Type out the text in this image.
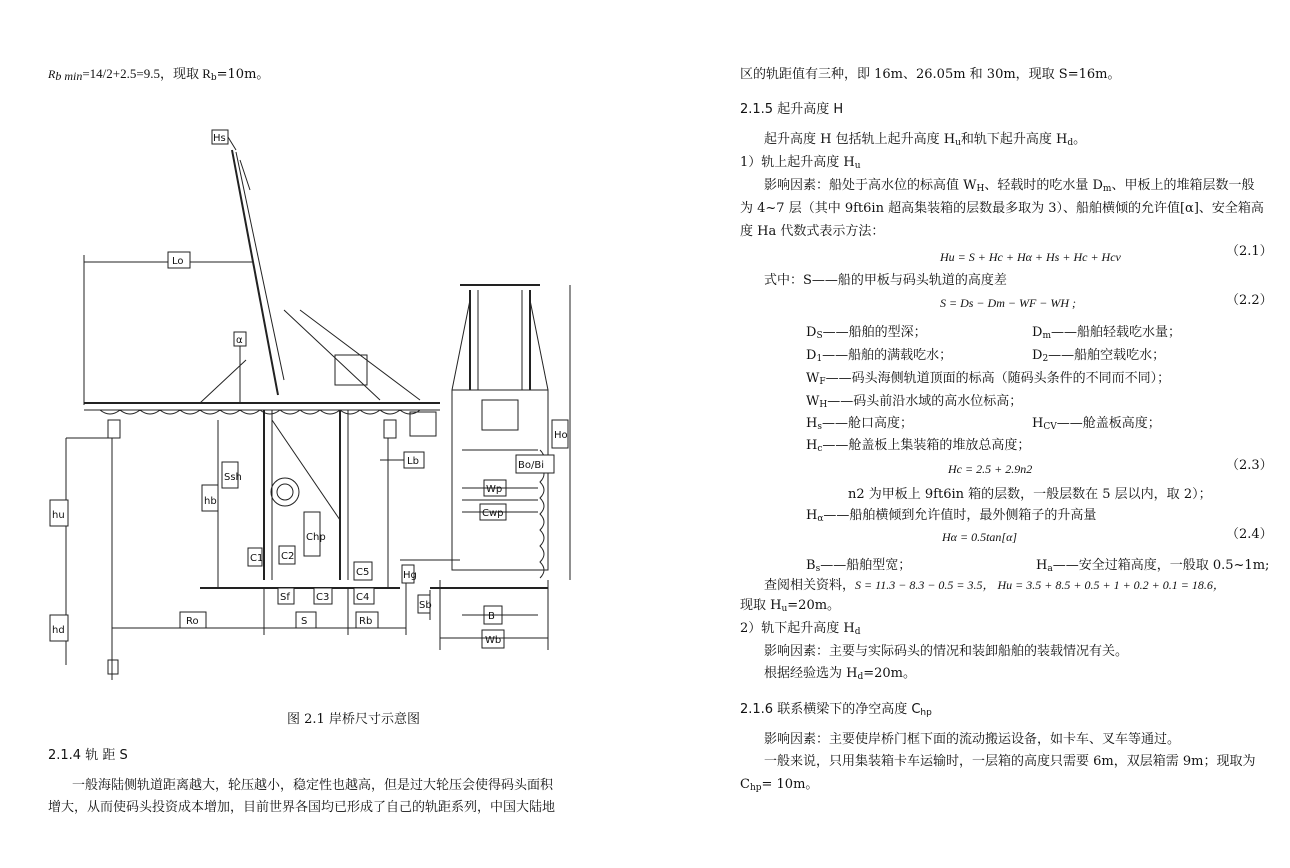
$R_{b min}=14/2+2.5=9.5$，现取 $R_b=10m$。
Hs
Lo
α
Ssh
Lb
hb
hu
hd
Chp
C1 C2
Sf	C3	C4
C5
Ro	S	Rb
Ho
Bo/Bi
Wp
Cwp
Hg
Sb
B
Wb
图 2.1 岸桥尺寸示意图
2.1.4 轨 距 S
一般海陆侧轨道距离越大，轮压越小，稳定性也越高，但是过大轮压会使得码头面积
增大，从而使码头投资成本增加，目前世界各国均已形成了自己的轨距系列，中国大陆地
区的轨距值有三种，即 16m、26.05m 和 30m，现取 S=16m。
2.1.5 起升高度 H
起升高度 H 包括轨上起升高度 $H_u$和轨下起升高度 $H_d$。
1）轨上起升高度 $H_u$
影响因素：船处于高水位的标高值 $W_H$、轻载时的吃水量 $D_m$、甲板上的堆箱层数一般
为 4~7 层（其中 9ft6in 超高集装箱的层数最多取为 3）、船舶横倾的允许值[α]、安全箱高
度 Ha 代数式表示方法：
Hu = S + Hc + Hα + Hs + Hc + Hcv	（2.1）
式中：S——船的甲板与码头轨道的高度差
S = Ds − Dm − WF − WH ;	（2.2）
$D_S——$船舶的型深；	$D_m——$船舶轻载吃水量；
$D_1——$船舶的满载吃水；	$D_2——$船舶空载吃水；
$W_F——$码头海侧轨道顶面的标高（随码头条件的不同而不同）；
$W_H——$码头前沿水域的高水位标高；
$H_s——$舱口高度；	$H_{CV}——$舱盖板高度；
$H_c——$舱盖板上集装箱的堆放总高度；
Hc = 2.5 + 2.9n2	（2.3）
n2 为甲板上 9ft6in 箱的层数，一般层数在 5 层以内，取 2）；
$H_\alpha——$船舶横倾到允许值时，最外侧箱子的升高量
Hα = 0.5tan[α]	（2.4）
$B_s——$船舶型宽；	$H_a——$安全过箱高度，一般取 0.5~1m;
查阅相关资料，S = 11.3 − 8.3 − 0.5 = 3.5， Hu = 3.5 + 8.5 + 0.5 + 1 + 0.2 + 0.1 = 18.6，
现取 $H_u=20m$。
2）轨下起升高度 $H_d$
影响因素：主要与实际码头的情况和装卸船舶的装载情况有关。
根据经验选为 $H_d=20m$。
2.1.6 联系横梁下的净空高度 $C_{hp}$
影响因素：主要使岸桥门框下面的流动搬运设备，如卡车、叉车等通过。
一般来说，只用集装箱卡车运输时，一层箱的高度只需要 6m，双层箱需 9m；现取为
$C_{hp}= 10m$。
